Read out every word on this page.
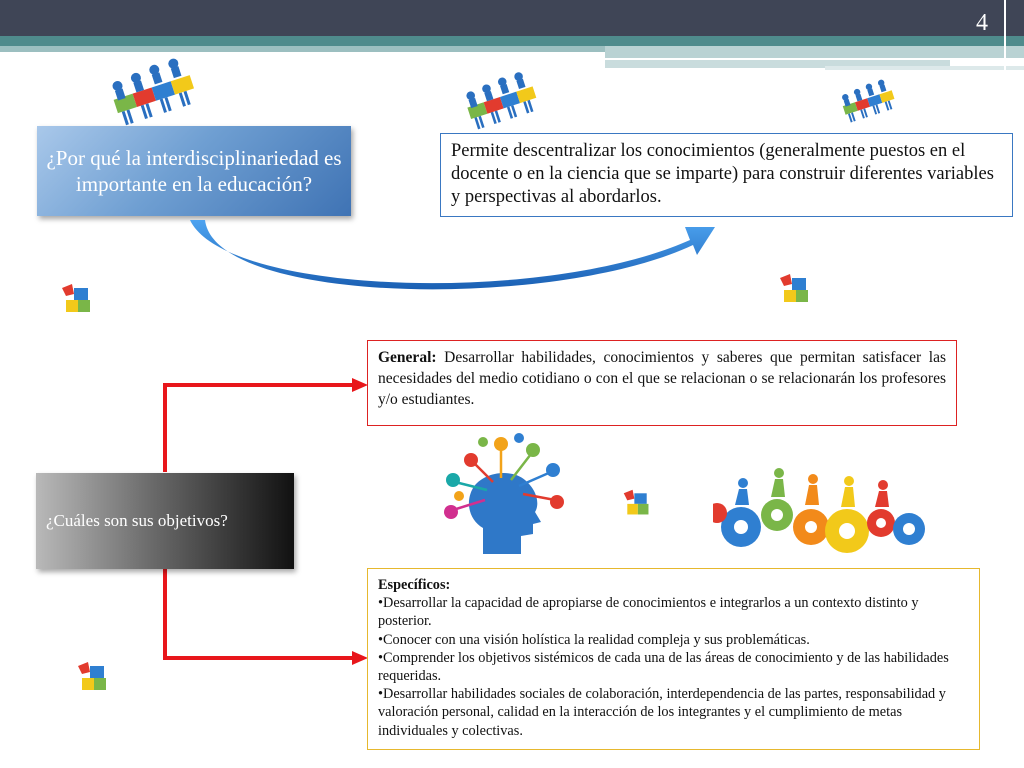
4
¿Por qué la interdisciplinariedad es importante en la educación?
Permite descentralizar los conocimientos (generalmente puestos en el docente o en la ciencia que se imparte) para construir diferentes variables y perspectivas al abordarlos.
General: Desarrollar habilidades, conocimientos y saberes que permitan satisfacer las necesidades del medio cotidiano o con el que se relacionan o se relacionarán los profesores y/o estudiantes.
¿Cuáles son sus objetivos?
Específicos:

•Desarrollar la capacidad de apropiarse de conocimientos e integrarlos a un contexto distinto y posterior.

•Conocer con una visión holística la realidad compleja y sus problemáticas.

•Comprender los objetivos sistémicos de cada una de las áreas de conocimiento y de las habilidades requeridas.

•Desarrollar habilidades sociales de colaboración, interdependencia de las partes, responsabilidad y valoración personal, calidad en la interacción de los integrantes y el cumplimiento de metas individuales y colectivas.
